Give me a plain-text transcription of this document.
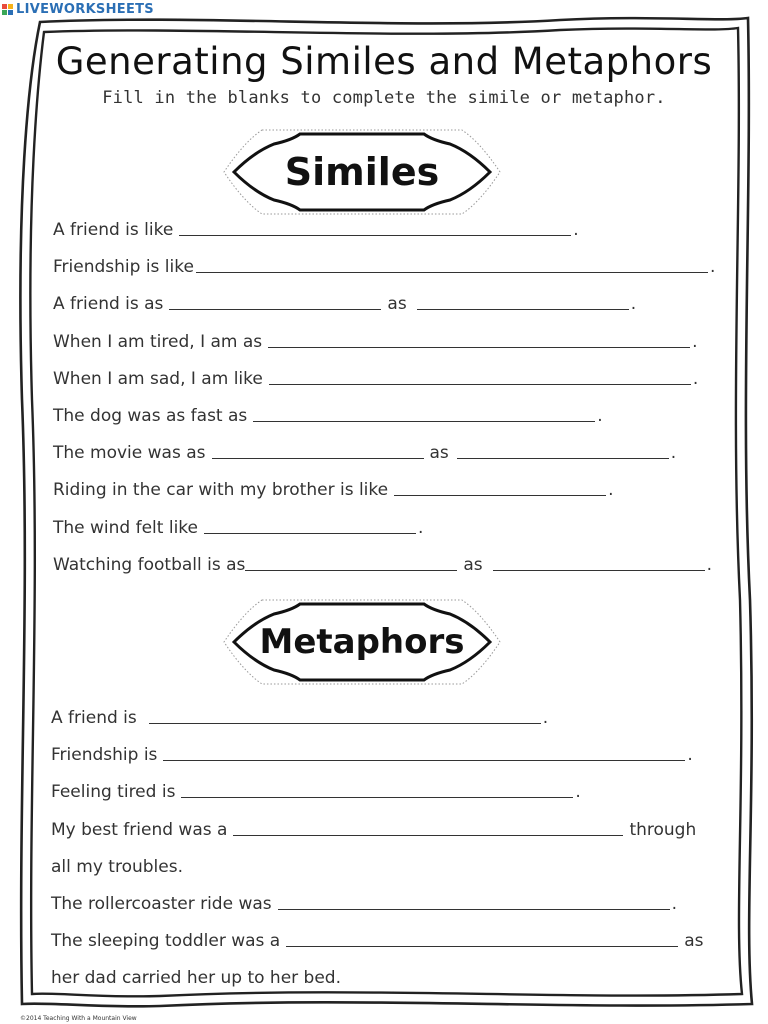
LIVEWORKSHEETS
Generating Similes and Metaphors
Fill in the blanks to complete the simile or metaphor.
Similes
A friend is like	.
Friendship is like	.
A friend is as	as	.
When I am tired, I am as	.
When I am sad, I am like	.
The dog was as fast as	.
The movie was as	as	.
Riding in the car with my brother is like	.
The wind felt like	.
Watching football is as	as	.
Metaphors
A friend is	.
Friendship is	.
Feeling tired is	.
My best friend was a	through
all my troubles.
The rollercoaster ride was	.
The sleeping toddler was a	as
her dad carried her up to her bed.
©2014 Teaching With a Mountain View
